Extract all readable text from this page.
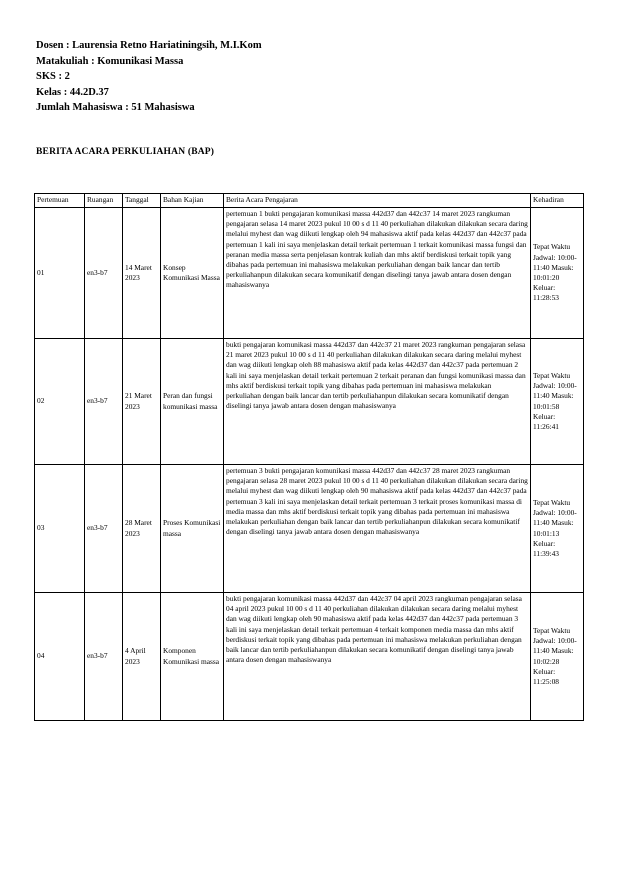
Dosen : Laurensia Retno Hariatiningsih, M.I.Kom
Matakuliah : Komunikasi Massa
SKS : 2
Kelas : 44.2D.37
Jumlah Mahasiswa : 51 Mahasiswa
BERITA ACARA PERKULIAHAN (BAP)
Pertemuan	Ruangan	Tanggal	Bahan Kajian	Berita Acara Pengajaran	Kehadiran
01	en3-b7	14 Maret 2023	Konsep Komunikasi Massa	pertemuan 1 bukti pengajaran komunikasi massa 442d37 dan 442c37 14 maret 2023 rangkuman pengajaran selasa 14 maret 2023 pukul 10 00 s d 11 40 perkuliahan dilakukan dilakukan secara daring melalui myhest dan wag diikuti lengkap oleh 94 mahasiswa aktif pada kelas 442d37 dan 442c37 pada pertemuan 1 kali ini saya menjelaskan detail terkait pertemuan 1 terkait komunikasi massa fungsi dan peranan media massa serta penjelasan kontrak kuliah dan mhs aktif berdiskusi terkait topik yang dibahas pada pertemuan ini mahasiswa melakukan perkuliahan dengan baik lancar dan tertib perkuliahanpun dilakukan secara komunikatif dengan diselingi tanya jawab antara dosen dengan mahasiswanya	Tepat Waktu Jadwal: 10:00-11:40 Masuk: 10:01:20 Keluar: 11:28:53
02	en3-b7	21 Maret 2023	Peran dan fungsi komunikasi massa	bukti pengajaran komunikasi massa 442d37 dan 442c37 21 maret 2023 rangkuman pengajaran selasa 21 maret 2023 pukul 10 00 s d 11 40 perkuliahan dilakukan dilakukan secara daring melalui myhest dan wag diikuti lengkap oleh 88 mahasiswa aktif pada kelas 442d37 dan 442c37 pada pertemuan 2 kali ini saya menjelaskan detail terkait pertemuan 2 terkait peranan dan fungsi komunikasi massa dan mhs aktif berdiskusi terkait topik yang dibahas pada pertemuan ini mahasiswa melakukan perkuliahan dengan baik lancar dan tertib perkuliahanpun dilakukan secara komunikatif dengan diselingi tanya jawab antara dosen dengan mahasiswanya	Tepat Waktu Jadwal: 10:00-11:40 Masuk: 10:01:58 Keluar: 11:26:41
03	en3-b7	28 Maret 2023	Proses Komunikasi massa	pertemuan 3 bukti pengajaran komunikasi massa 442d37 dan 442c37 28 maret 2023 rangkuman pengajaran selasa 28 maret 2023 pukul 10 00 s d 11 40 perkuliahan dilakukan dilakukan secara daring melalui myhest dan wag diikuti lengkap oleh 90 mahasiswa aktif pada kelas 442d37 dan 442c37 pada pertemuan 3 kali ini saya menjelaskan detail terkait pertemuan 3 terkait proses komunikasi massa di media massa dan mhs aktif berdiskusi terkait topik yang dibahas pada pertemuan ini mahasiswa melakukan perkuliahan dengan baik lancar dan tertib perkuliahanpun dilakukan secara komunikatif dengan diselingi tanya jawab antara dosen dengan mahasiswanya	Tepat Waktu Jadwal: 10:00-11:40 Masuk: 10:01:13 Keluar: 11:39:43
04	en3-b7	4 April 2023	Komponen Komunikasi massa	bukti pengajaran komunikasi massa 442d37 dan 442c37 04 april 2023 rangkuman pengajaran selasa 04 april 2023 pukul 10 00 s d 11 40 perkuliahan dilakukan dilakukan secara daring melalui myhest dan wag diikuti lengkap oleh 90 mahasiswa aktif pada kelas 442d37 dan 442c37 pada pertemuan 3 kali ini saya menjelaskan detail terkait pertemuan 4 terkait komponen media massa dan mhs aktif berdiskusi terkait topik yang dibahas pada pertemuan ini mahasiswa melakukan perkuliahan dengan baik lancar dan tertib perkuliahanpun dilakukan secara komunikatif dengan diselingi tanya jawab antara dosen dengan mahasiswanya	Tepat Waktu Jadwal: 10:00-11:40 Masuk: 10:02:28 Keluar: 11:25:08
